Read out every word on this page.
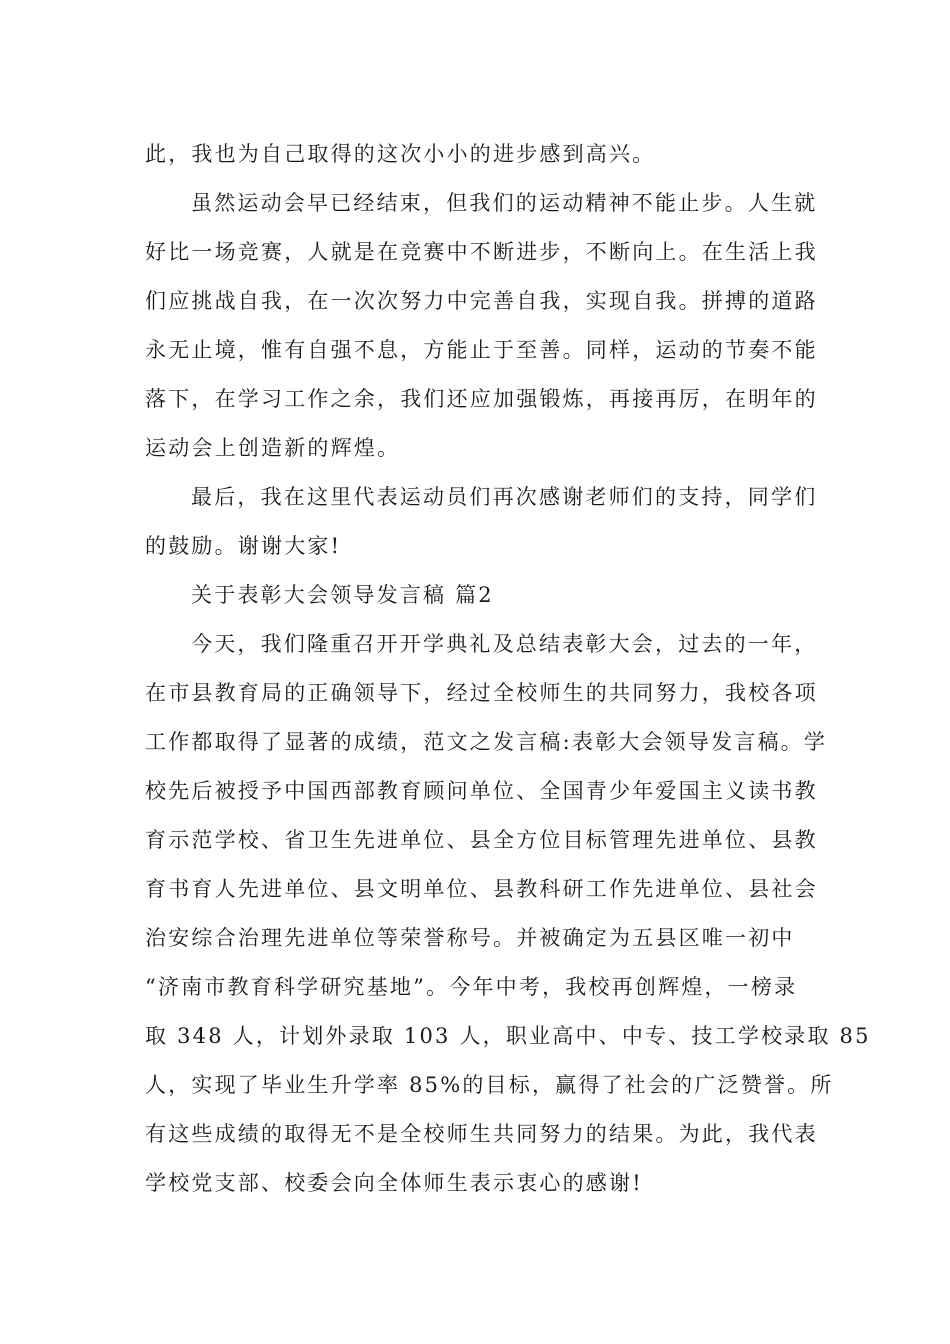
此，我也为自己取得的这次小小的进步感到高兴。
虽然运动会早已经结束，但我们的运动精神不能止步。人生就
好比一场竞赛，人就是在竞赛中不断进步，不断向上。在生活上我
们应挑战自我，在一次次努力中完善自我，实现自我。拼搏的道路
永无止境，惟有自强不息，方能止于至善。同样，运动的节奏不能
落下，在学习工作之余，我们还应加强锻炼，再接再厉，在明年的
运动会上创造新的辉煌。
最后，我在这里代表运动员们再次感谢老师们的支持，同学们
的鼓励。谢谢大家!
关于表彰大会领导发言稿 篇2
今天，我们隆重召开开学典礼及总结表彰大会，过去的一年，
在市县教育局的正确领导下，经过全校师生的共同努力，我校各项
工作都取得了显著的成绩，范文之发言稿:表彰大会领导发言稿。学
校先后被授予中国西部教育顾问单位、全国青少年爱国主义读书教
育示范学校、省卫生先进单位、县全方位目标管理先进单位、县教
育书育人先进单位、县文明单位、县教科研工作先进单位、县社会
治安综合治理先进单位等荣誉称号。并被确定为五县区唯一初中
“济南市教育科学研究基地”。今年中考，我校再创辉煌，一榜录
取 348 人，计划外录取 103 人，职业高中、中专、技工学校录取 85
人，实现了毕业生升学率 85%的目标，赢得了社会的广泛赞誉。所
有这些成绩的取得无不是全校师生共同努力的结果。为此，我代表
学校党支部、校委会向全体师生表示衷心的感谢!
